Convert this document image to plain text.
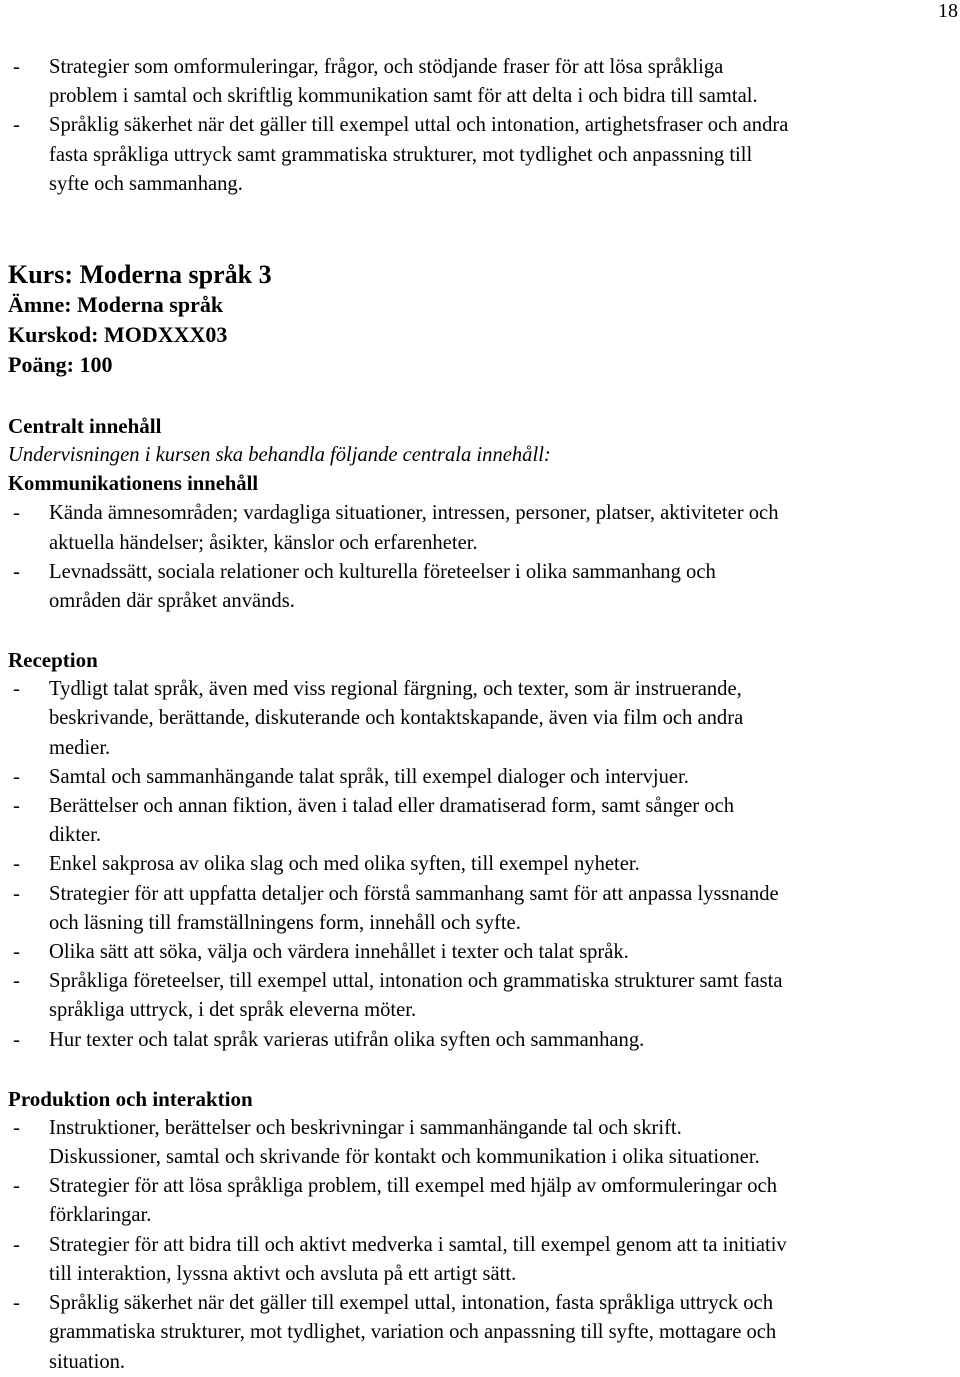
18
- Strategier som omformuleringar, frågor, och stödjande fraser för att lösa språkliga
problem i samtal och skriftlig kommunikation samt för att delta i och bidra till samtal.
- Språklig säkerhet när det gäller till exempel uttal och intonation, artighetsfraser och andra
fasta språkliga uttryck samt grammatiska strukturer, mot tydlighet och anpassning till
syfte och sammanhang.
Kurs: Moderna språk 3
Ämne: Moderna språk
Kurskod: MODXXX03
Poäng: 100
Centralt innehåll
Undervisningen i kursen ska behandla följande centrala innehåll:
Kommunikationens innehåll
- Kända ämnesområden; vardagliga situationer, intressen, personer, platser, aktiviteter och
aktuella händelser; åsikter, känslor och erfarenheter.
- Levnadssätt, sociala relationer och kulturella företeelser i olika sammanhang och
områden där språket används.
Reception
- Tydligt talat språk, även med viss regional färgning, och texter, som är instruerande,
beskrivande, berättande, diskuterande och kontaktskapande, även via film och andra
medier.
- Samtal och sammanhängande talat språk, till exempel dialoger och intervjuer.
- Berättelser och annan fiktion, även i talad eller dramatiserad form, samt sånger och
dikter.
- Enkel sakprosa av olika slag och med olika syften, till exempel nyheter.
- Strategier för att uppfatta detaljer och förstå sammanhang samt för att anpassa lyssnande
och läsning till framställningens form, innehåll och syfte.
- Olika sätt att söka, välja och värdera innehållet i texter och talat språk.
- Språkliga företeelser, till exempel uttal, intonation och grammatiska strukturer samt fasta
språkliga uttryck, i det språk eleverna möter.
- Hur texter och talat språk varieras utifrån olika syften och sammanhang.
Produktion och interaktion
- Instruktioner, berättelser och beskrivningar i sammanhängande tal och skrift.
Diskussioner, samtal och skrivande för kontakt och kommunikation i olika situationer.
- Strategier för att lösa språkliga problem, till exempel med hjälp av omformuleringar och
förklaringar.
- Strategier för att bidra till och aktivt medverka i samtal, till exempel genom att ta initiativ
till interaktion, lyssna aktivt och avsluta på ett artigt sätt.
- Språklig säkerhet när det gäller till exempel uttal, intonation, fasta språkliga uttryck och
grammatiska strukturer, mot tydlighet, variation och anpassning till syfte, mottagare och
situation.
